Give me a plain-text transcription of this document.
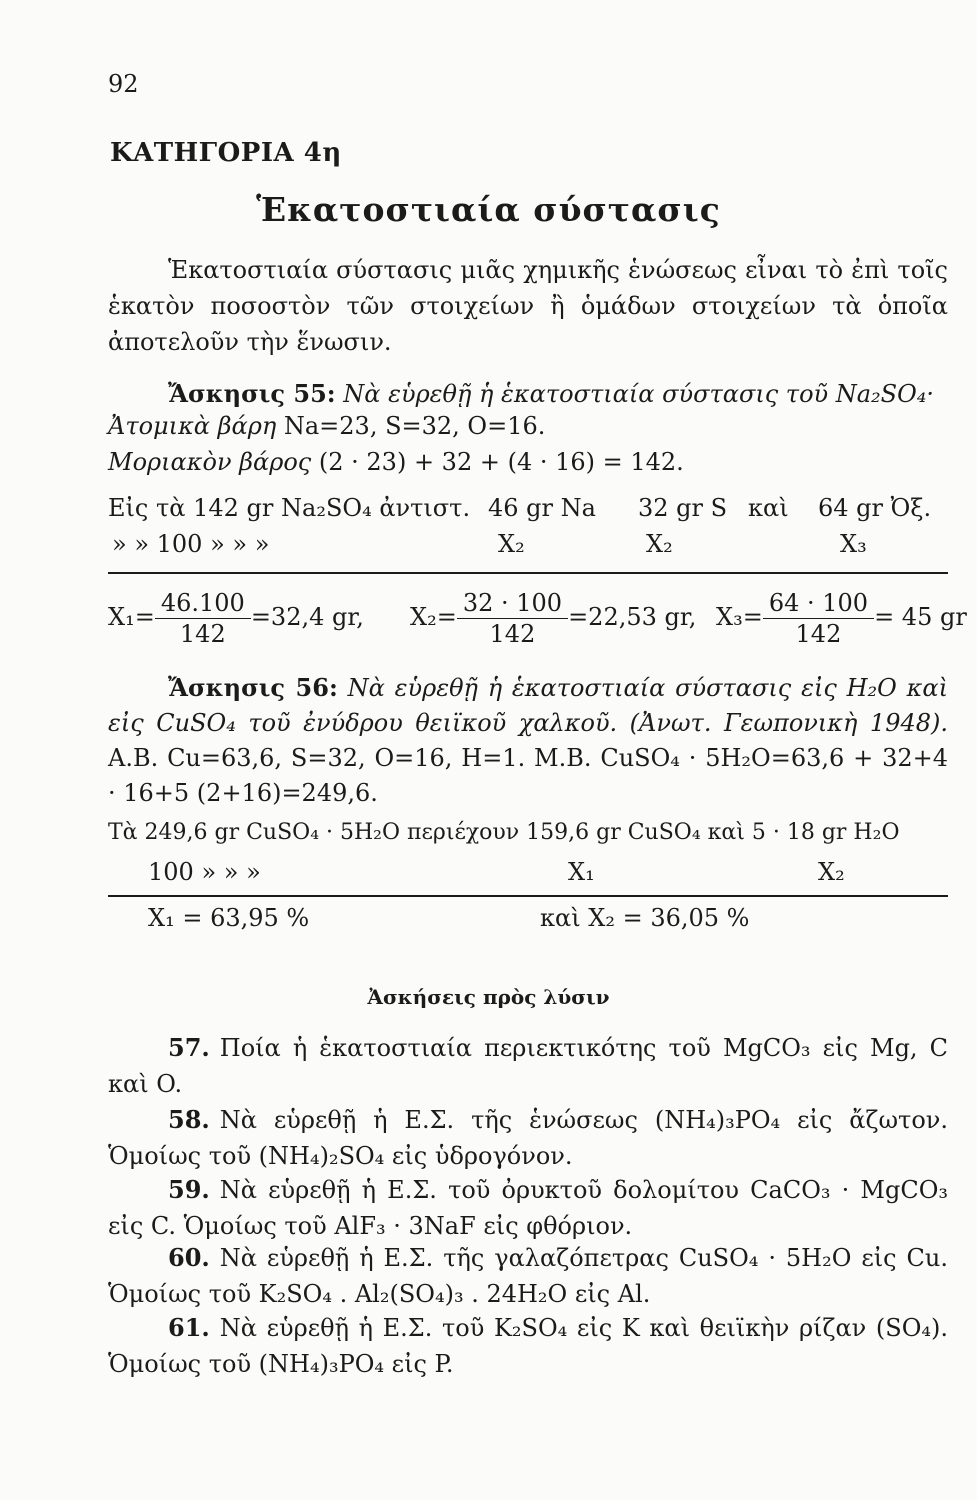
92
ΚΑΤΗΓΟΡΙΑ 4η
Ἑκατοστιαία σύστασις
Ἑκατοστιαία σύστασις μιᾶς χημικῆς ἑνώσεως εἶναι τὸ ἐπὶ τοῖς ἑκατὸν ποσοστὸν τῶν στοιχείων ἢ ὁμάδων στοιχείων τὰ ὁποῖα ἀποτελοῦν τὴν ἕνωσιν.
Ἄσκησις 55: Νὰ εὑρεθῇ ἡ ἑκατοστιαία σύστασις τοῦ Na₂SO₄·
Ἀτομικὰ βάρη Na=23, S=32, O=16.
Μοριακὸν βάρος (2 · 23) + 32 + (4 · 16) = 142.
Εἰς τὰ 142 gr Na₂SO₄ ἀντιστ. 46 gr Na 32 gr S καὶ 64 gr Ὀξ.
» » 100 » » »	X₂	X₂	X₃
$X_1= \frac{46.100}{142} =32,4$ gr, $X_2= \frac{32 \cdot 100}{142} =22,53$ gr, $X_3= \frac{64 \cdot 100}{142} = 45$ gr
Ἄσκησις 56: Νὰ εὑρεθῇ ἡ ἑκατοστιαία σύστασις εἰς H₂O καὶ εἰς CuSO₄ τοῦ ἐνύδρου θειϊκοῦ χαλκοῦ. (Ἀνωτ. Γεωπονικὴ 1948). A.B. Cu=63,6, S=32, O=16, H=1. M.B. CuSO₄ · 5H₂O=63,6 + 32+4 · 16+5 (2+16)=249,6.
Τὰ 249,6 gr CuSO₄ · 5H₂O περιέχουν 159,6 gr CuSO₄ καὶ 5 · 18 gr H₂O
100 » » »	X₁	X₂
X₁ = 63,95 %	καὶ X₂ = 36,05 %
Ἀσκήσεις πρὸς λύσιν
57. Ποία ἡ ἑκατοστιαία περιεκτικότης τοῦ MgCO₃ εἰς Mg, C καὶ O.
58. Νὰ εὑρεθῇ ἡ Ε.Σ. τῆς ἑνώσεως (NH₄)₃PO₄ εἰς ἄζωτον. Ὁμοίως τοῦ (NH₄)₂SO₄ εἰς ὑδρογόνον.
59. Νὰ εὑρεθῇ ἡ Ε.Σ. τοῦ ὀρυκτοῦ δολομίτου CaCO₃ · MgCO₃ εἰς C. Ὁμοίως τοῦ AlF₃ · 3NaF εἰς φθόριον.
60. Νὰ εὑρεθῇ ἡ Ε.Σ. τῆς γαλαζόπετρας CuSO₄ · 5H₂O εἰς Cu. Ὁμοίως τοῦ K₂SO₄ . Al₂(SO₄)₃ . 24H₂O εἰς Al.
61. Νὰ εὑρεθῇ ἡ Ε.Σ. τοῦ K₂SO₄ εἰς K καὶ θειϊκὴν ρίζαν (SO₄). Ὁμοίως τοῦ (NH₄)₃PO₄ εἰς P.
